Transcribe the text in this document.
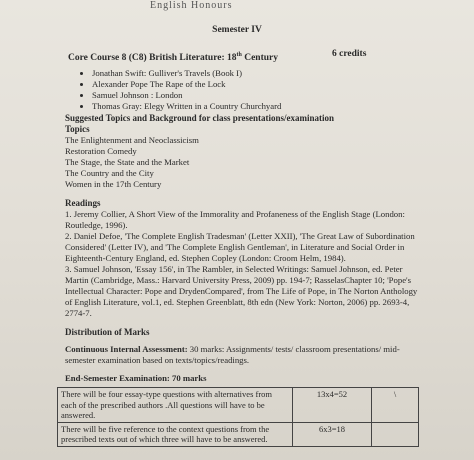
English Honours
Semester IV
Core Course 8 (C8) British Literature: 18th Century	6 credits
• Jonathan Swift: Gulliver's Travels (Book I)
• Alexander Pope The Rape of the Lock
• Samuel Johnson : London
• Thomas Gray: Elegy Written in a Country Churchyard
Suggested Topics and Background for class presentations/examination
Topics
The Enlightenment and Neoclassicism
Restoration Comedy
The Stage, the State and the Market
The Country and the City
Women in the 17th Century
Readings

1. Jeremy Collier, A Short View of the Immorality and Profaneness of the English Stage (London: Routledge, 1996).

2. Daniel Defoe, 'The Complete English Tradesman' (Letter XXII), 'The Great Law of Subordination Considered' (Letter IV), and 'The Complete English Gentleman', in Literature and Social Order in Eighteenth-Century England, ed. Stephen Copley (London: Croom Helm, 1984).

3. Samuel Johnson, 'Essay 156', in The Rambler, in Selected Writings: Samuel Johnson, ed. Peter Martin (Cambridge, Mass.: Harvard University Press, 2009) pp. 194-7; RasselasChapter 10; 'Pope's Intellectual Character: Pope and DrydenCompared', from The Life of Pope, in The Norton Anthology of English Literature, vol.1, ed. Stephen Greenblatt, 8th edn (New York: Norton, 2006) pp. 2693-4, 2774-7.

Distribution of Marks
Continuous Internal Assessment: 30 marks: Assignments/ tests/ classroom presentations/ mid-semester examination based on texts/topics/readings.
End-Semester Examination: 70 marks
There will be four essay-type questions with alternatives from each of the prescribed authors .All questions will have to be answered.	13x4=52	\
There will be five reference to the context questions from the prescribed texts out of which three will have to be answered.	6x3=18	
